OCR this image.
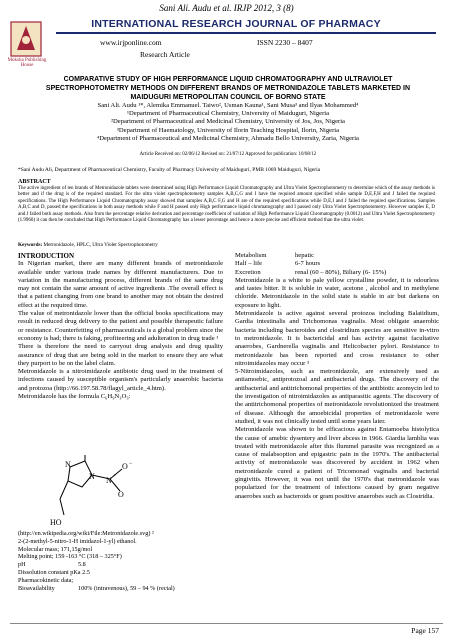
Sani Ali. Audu et al. IRJP 2012, 3 (8)
Moksha Publishing House
INTERNATIONAL RESEARCH JOURNAL OF PHARMACY
www.irjponline.com	ISSN 2230 – 8407
Research Article
COMPARATIVE STUDY OF HIGH PERFORMANCE LIQUID CHROMATOGRAPHY AND ULTRAVIOLET SPECTROPHOTOMETRY METHODS ON DIFFERENT BRANDS OF METRONIDAZOLE TABLETS MARKETED IN MAIDUGURI METROPOLITAN COUNCIL OF BORNO STATE
Sani Ali. Audu ¹*, Alemika Emmanuel. Taiwo², Usman Kauna¹, Sani Musa³ and Ilyas Mohammed⁴
¹Department of Pharmaceutical Chemistry, University of Maiduguri, Nigeria
²Department of Pharmaceutical and Medicinal Chemistry, University of Jos, Jos, Nigeria
³Department of Haematology, University of Ilorin Teaching Hospital, Ilorin, Nigeria
⁴Department of Pharmaceutical and Medicinal Chemistry, Ahmadu Bello University, Zaria, Nigeria
Article Received on: 02/06/12 Revised on: 21/07/12 Approved for publication: 10/08/12
*Sani Audu Ali, Department of Pharmaceutical Chemistry, Faculty of Pharmacy University of Maiduguri, PMB 1069 Maiduguri, Nigeria
ABSTRACT
The active ingredient of ten brands of Metronidazole tablets were determined using High Performance Liquid Chromatography and Ultra Violet Spectrophotometry to determine which of the assay methods is better and if the drug is of the required standard. For the ultra violet spectrophotometry samples A,B,C,G and I have the required amount specified while sample D,E,F,H and J failed the required specifications. The High Performance Liquid Chromatography assay showed that samples A,B,C F,G and H are of the required specifications while D,E,I and J failed the required specifications. Samples A,B,C and D, passed the specifications in both assay methods while F and H passed only High performance liquid chromatography and I passed only Ultra Violet Spectrophotometry. However samples E, D and J failed both assay methods. Also from the percentage relative derivation and percentage coefficient of variation of High Performance Liquid Chromatography (0.0012) and Ultra Violet Spectrophotometry (1.9960) it can then be concluded that High Performance Liquid Chromatography has a lesser percentage and hence a more precise and efficient method than the ultra violet.
Keywords: Metronidazole, HPLC, Ultra Violet Spectrophotometry

INTRODUCTION

In Nigerian market, there are many different brands of metronidazole available under various trade names by different manufacturers. Due to variation in the manufacturing process, different brands of the same drug may not contain the same amount of active ingredients .The overall effect is that a patient changing from one brand to another may not obtain the desired effect at the required time.

The value of metronidazole lower than the official books specifications may result in reduced drug delivery to the patient and possible therapeutic failure or resistance. Counterfeiting of pharmaceuticals is a global problem since the economy is bad; there is faking, profiteering and adulteration in drug trade ¹

There is therefore the need to carryout drug analysis and drug quality assurance of drug that are being sold in the market to ensure they are what they purport to be on the label claim.

Metronidazole is a nitroimidazole antibiotic drug used in the treatment of infections caused by susceptible organism's particularly anaerobic bacteria and protozoa (http://66.197.58.78/flagyl_article_4.htm).

Metronidazole has the formula C₆H₉N₃O₃:

N
N N +
O −
O
HO
(http://en.wikipedia.org/wiki/File:Metronidazole.svg) ²
2-(2-methyl-5-nitro-1-H imidazol-1-yl) ethanol.
Molecular mass; 171,15g/mol
Melting point; 159 -163 °C (318 – 325°F)
pH	5.8
Dissolution constant pKa 2.5
Pharmacokinetic data;
Bioavailability	100% (intravenous), 59 – 94 % (rectal)
Metabolism	hepatic
Half – life	6-7 hours
Excretion	renal (60 – 80%), Biliary (6- 15%)

Metronidazole is a white to pale yellow crystalline powder, it is odourless and tastes bitter. It is soluble in water, acetone , alcohol and in methylene chloride. Metronidazole in the solid state is stable in air but darkens on exposure to light.

Metronidazole is active against several protozoa including Balatidium, Gardia intestinalis and Trichomonas vaginalis. Most obligate anaerobic bacteria including bacteroides and clostridium species are sensitive in-vitro to metronidazole. It is bactericidal and has activity against facultative anaerobes, Gardnerella vaginalis and Helicobacter pylori. Resistance to metronidazole has been reported and cross resistance to other nitroimidazoles may occur ³

5-Nitroimidazoles, such as metronidazole, are extensively used as antiamoebic, antiprotozoal and antibacterial drugs. The discovery of the antibacterial and antitrichomonal properties of the antibiotic azomycin led to the investigation of nitroimidazoles as antiparasitic agents. The discovery of the antitrichomonal properties of metronidazole revolutionized the treatment of disease. Although the amoebicidal properties of metronidazole were studied, it was not clinically tested until some years later.

Metronidazole was shown to be efficacious against Entamoeba histolytica the cause of amebic dysentery and liver abcess in 1966. Giardia lamblia was treated with metronidazole after this flummel parasite was recognized as a cause of malabsoption and epigastric pain in the 1970's. The antibacterial activity of metronidazole was discovered by accident in 1962 when metronidazole cured a patient of Tricomonad vaginalis and bacterial gingivitis. However, it was not until the 1970's that metronidazole was popularized for the treatment of infections caused by gram negative anaerobes such as bacteroids or gram positive anaerobes such as Clostridia.

Page 157
